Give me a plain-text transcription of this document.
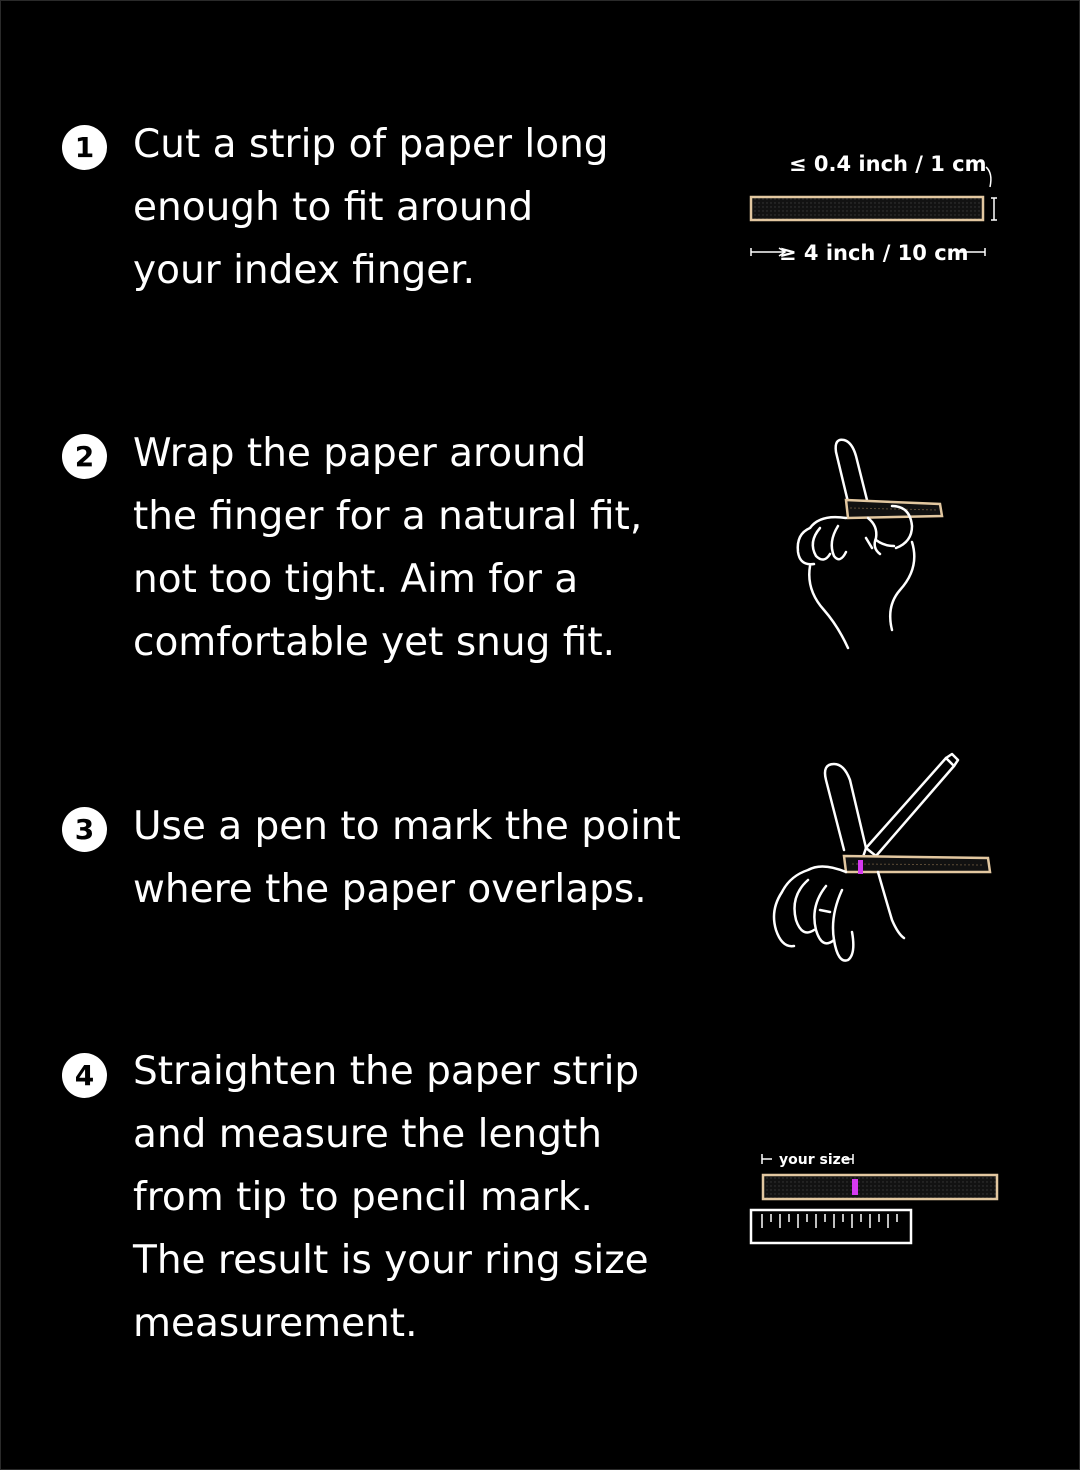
1 Cut a strip of paper long
enough to fit around
your index finger.

≤ 0.4 inch / 1 cm
≥ 4 inch / 10 cm
2 Wrap the paper around
the finger for a natural fit,
not too tight. Aim for a
comfortable yet snug fit.

3 Use a pen to mark the point
where the paper overlaps.

4 Straighten the paper strip
and measure the length
from tip to pencil mark.
The result is your ring size
measurement.

your size
